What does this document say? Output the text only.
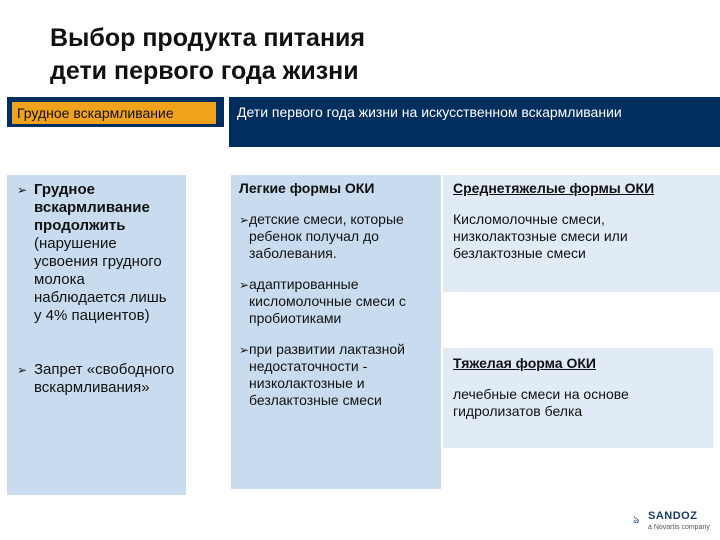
Выбор продукта питания
дети первого года жизни
Грудное вскармливание	Дети первого года жизни на искусственном вскармливании
➢ Грудное вскармливание продолжить
(нарушение усвоения грудного молока наблюдается лишь у 4% пациентов)
➢ Запрет «свободного вскармливания»
Легкие формы ОКИ
➢ детские смеси, которые ребенок получал до заболевания.
➢ адаптированные кисломолочные смеси с пробиотиками
➢ при развитии лактазной недостаточности - низколактозные и безлактозные смеси
Среднетяжелые формы ОКИ
Кисломолочные смеси, низколактозные смеси или безлактозные смеси
Тяжелая форма ОКИ
лечебные смеси на основе гидролизатов белка
ঌ SANDOZ
a Novartis company
